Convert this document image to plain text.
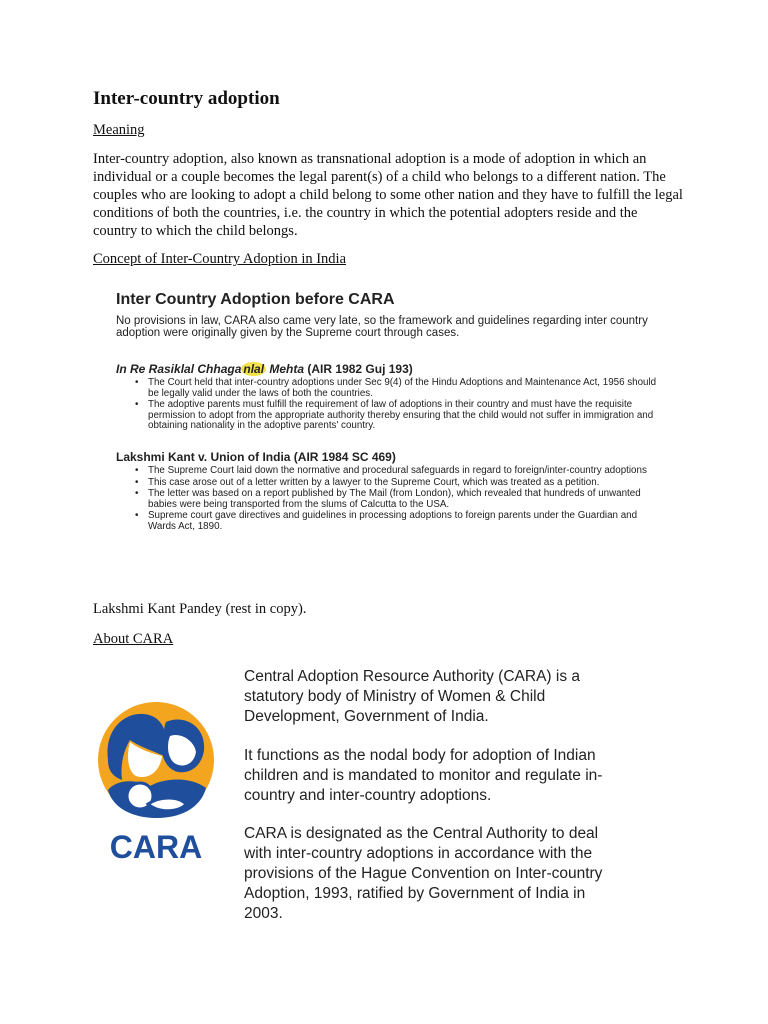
Inter-country adoption

Meaning

Inter-country adoption, also known as transnational adoption is a mode of adoption in which an individual or a couple becomes the legal parent(s) of a child who belongs to a different nation. The couples who are looking to adopt a child belong to some other nation and they have to fulfill the legal conditions of both the countries, i.e. the country in which the potential adopters reside and the country to which the child belongs.

Concept of Inter-Country Adoption in India

Lakshmi Kant Pandey (rest in copy).

About CARA

Inter Country Adoption before CARA

No provisions in law, CARA also came very late, so the framework and guidelines regarding inter country adoption were originally given by the Supreme court through cases.

In Re Rasiklal Chhaga nlal Mehta (AIR 1982 Guj 193)

• The Court held that inter-country adoptions under Sec 9(4) of the Hindu Adoptions and Maintenance Act, 1956 should be legally valid under the laws of both the countries.
• The adoptive parents must fulfill the requirement of law of adoptions in their country and must have the requisite permission to adopt from the appropriate authority thereby ensuring that the child would not suffer in immigration and obtaining nationality in the adoptive parents' country.

Lakshmi Kant v. Union of India (AIR 1984 SC 469)

• The Supreme Court laid down the normative and procedural safeguards in regard to foreign/inter-country adoptions
• This case arose out of a letter written by a lawyer to the Supreme Court, which was treated as a petition.
• The letter was based on a report published by The Mail (from London), which revealed that hundreds of unwanted babies were being transported from the slums of Calcutta to the USA.
• Supreme court gave directives and guidelines in processing adoptions to foreign parents under the Guardian and Wards Act, 1890.
CARA

Central Adoption Resource Authority (CARA) is a statutory body of Ministry of Women & Child Development, Government of India.

It functions as the nodal body for adoption of Indian children and is mandated to monitor and regulate in-country and inter-country adoptions.

CARA is designated as the Central Authority to deal with inter-country adoptions in accordance with the provisions of the Hague Convention on Inter-country Adoption, 1993, ratified by Government of India in 2003.
